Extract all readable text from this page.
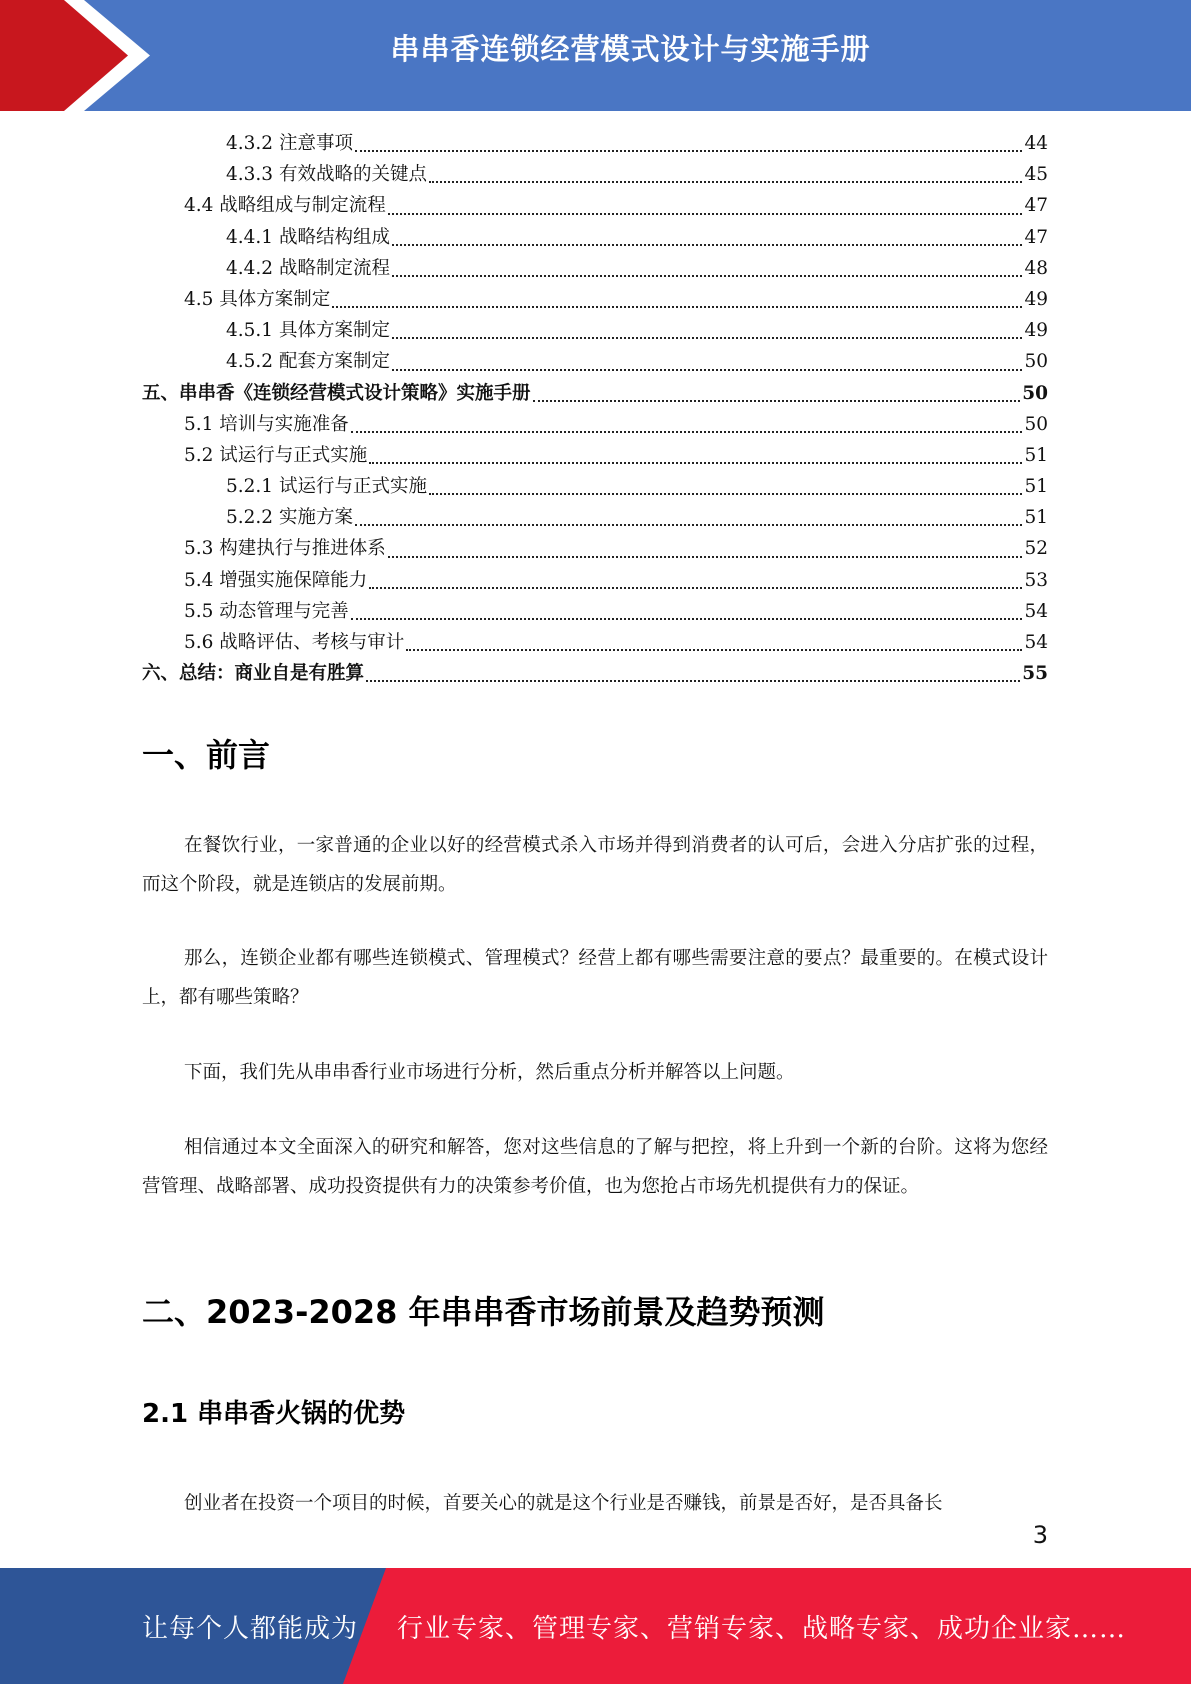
串串香连锁经营模式设计与实施手册
4.3.2 注意事项	44
4.3.3 有效战略的关键点	45
4.4 战略组成与制定流程	47
4.4.1 战略结构组成	47
4.4.2 战略制定流程	48
4.5 具体方案制定	49
4.5.1 具体方案制定	49
4.5.2 配套方案制定	50
五、串串香《连锁经营模式设计策略》实施手册	50
5.1 培训与实施准备	50
5.2 试运行与正式实施	51
5.2.1 试运行与正式实施	51
5.2.2 实施方案	51
5.3 构建执行与推进体系	52
5.4 增强实施保障能力	53
5.5 动态管理与完善	54
5.6 战略评估、考核与审计	54
六、总结：商业自是有胜算	55
一、前言
在餐饮行业，一家普通的企业以好的经营模式杀入市场并得到消费者的认可后，会进入分店扩张的过程，而这个阶段，就是连锁店的发展前期。
那么，连锁企业都有哪些连锁模式、管理模式？经营上都有哪些需要注意的要点？最重要的。在模式设计上，都有哪些策略？
下面，我们先从串串香行业市场进行分析，然后重点分析并解答以上问题。
相信通过本文全面深入的研究和解答，您对这些信息的了解与把控，将上升到一个新的台阶。这将为您经营管理、战略部署、成功投资提供有力的决策参考价值，也为您抢占市场先机提供有力的保证。
二、2023-2028 年串串香市场前景及趋势预测
2.1 串串香火锅的优势
创业者在投资一个项目的时候，首要关心的就是这个行业是否赚钱，前景是否好，是否具备长
3
让每个人都能成为 行业专家、管理专家、营销专家、战略专家、成功企业家……
